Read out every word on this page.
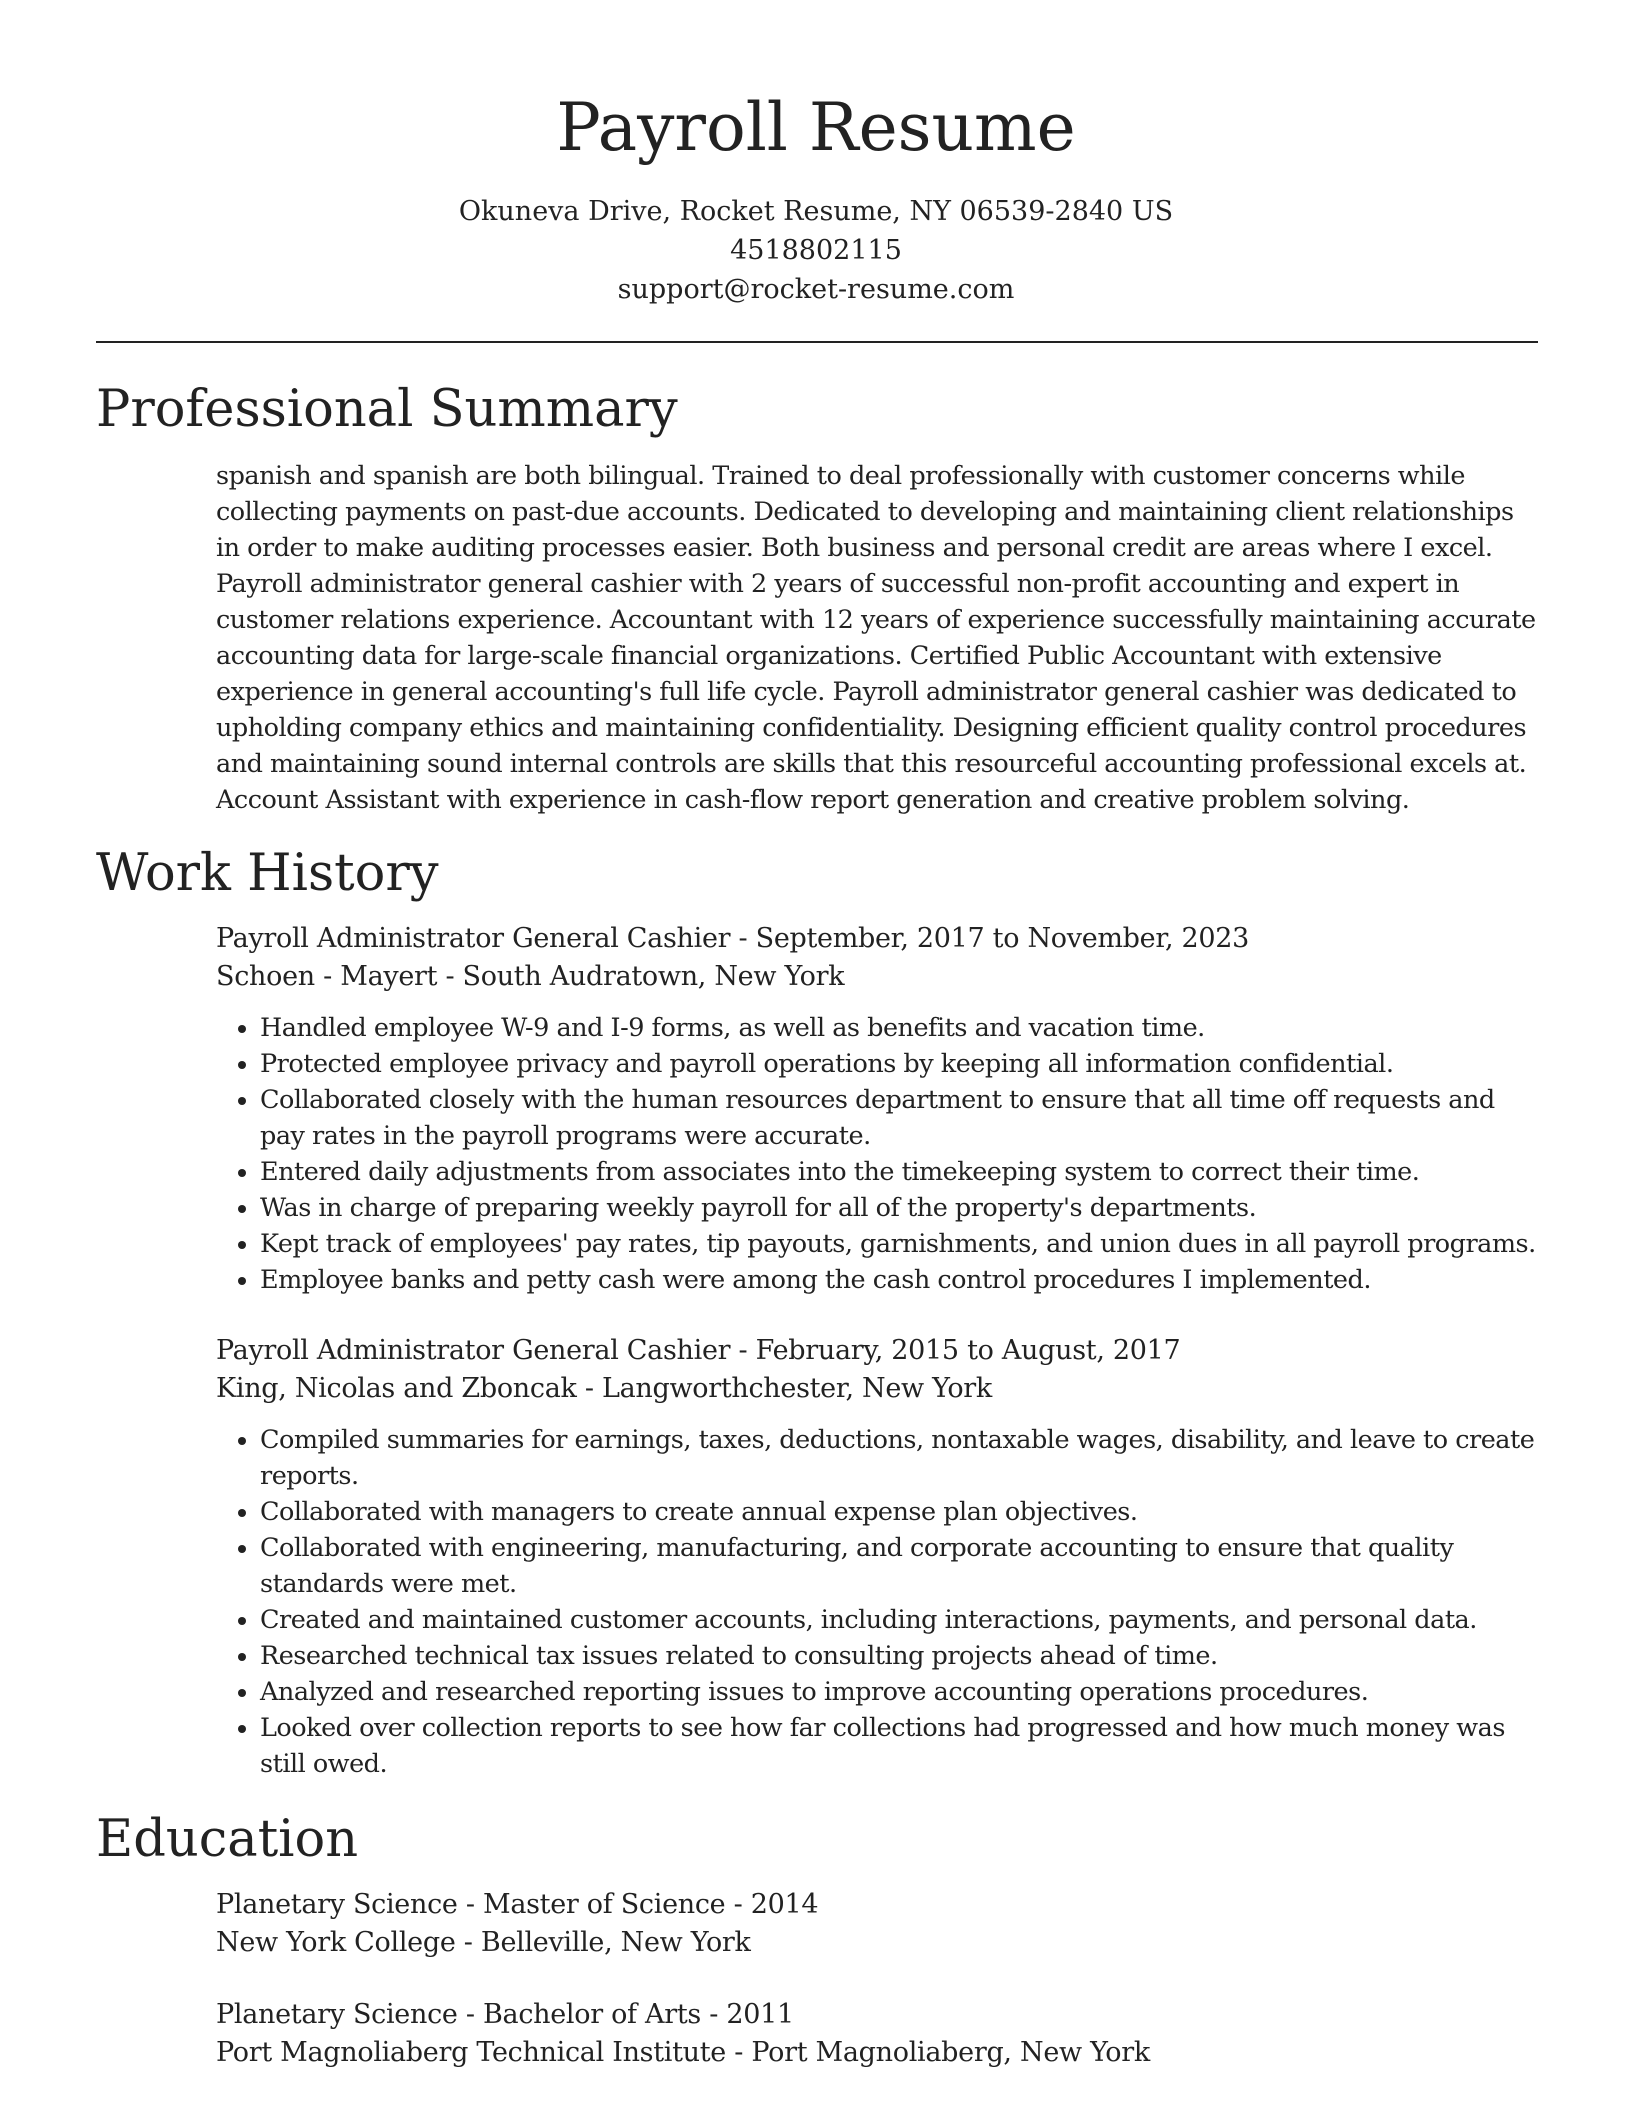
Payroll Resume
Okuneva Drive, Rocket Resume, NY 06539-2840 US
4518802115
support@rocket-resume.com
Professional Summary

spanish and spanish are both bilingual. Trained to deal professionally with customer concerns while collecting payments on past-due accounts. Dedicated to developing and maintaining client relationships in order to make auditing processes easier. Both business and personal credit are areas where I excel. Payroll administrator general cashier with 2 years of successful non-profit accounting and expert in customer relations experience. Accountant with 12 years of experience successfully maintaining accurate accounting data for large-scale financial organizations. Certified Public Accountant with extensive experience in general accounting's full life cycle. Payroll administrator general cashier was dedicated to upholding company ethics and maintaining confidentiality. Designing efficient quality control procedures and maintaining sound internal controls are skills that this resourceful accounting professional excels at. Account Assistant with experience in cash-flow report generation and creative problem solving.

Work History

Payroll Administrator General Cashier - September, 2017 to November, 2023

Schoen - Mayert - South Audratown, New York

• Handled employee W-9 and I-9 forms, as well as benefits and vacation time.
• Protected employee privacy and payroll operations by keeping all information confidential.
• Collaborated closely with the human resources department to ensure that all time off requests and pay rates in the payroll programs were accurate.
• Entered daily adjustments from associates into the timekeeping system to correct their time.
• Was in charge of preparing weekly payroll for all of the property's departments.
• Kept track of employees' pay rates, tip payouts, garnishments, and union dues in all payroll programs.
• Employee banks and petty cash were among the cash control procedures I implemented.

Payroll Administrator General Cashier - February, 2015 to August, 2017

King, Nicolas and Zboncak - Langworthchester, New York

• Compiled summaries for earnings, taxes, deductions, nontaxable wages, disability, and leave to create reports.
• Collaborated with managers to create annual expense plan objectives.
• Collaborated with engineering, manufacturing, and corporate accounting to ensure that quality standards were met.
• Created and maintained customer accounts, including interactions, payments, and personal data.
• Researched technical tax issues related to consulting projects ahead of time.
• Analyzed and researched reporting issues to improve accounting operations procedures.
• Looked over collection reports to see how far collections had progressed and how much money was still owed.
Education

Planetary Science - Master of Science - 2014

New York College - Belleville, New York

Planetary Science - Bachelor of Arts - 2011

Port Magnoliaberg Technical Institute - Port Magnoliaberg, New York
